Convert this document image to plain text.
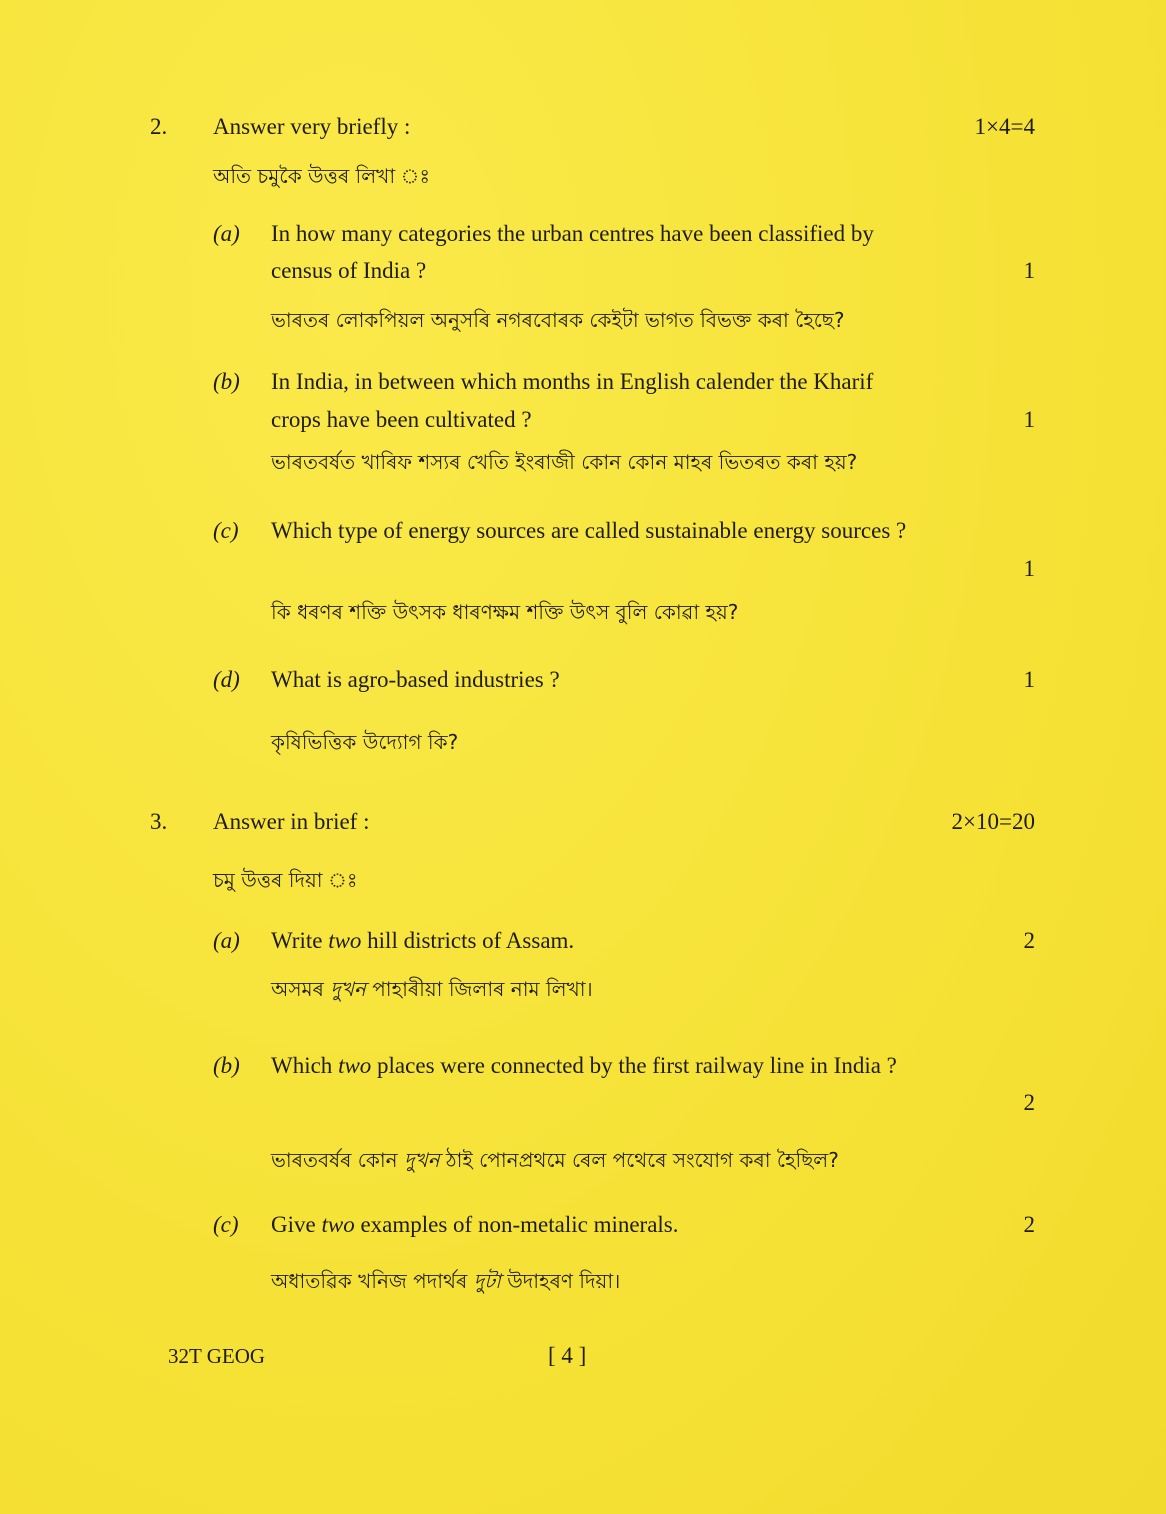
2. Answer very briefly :	1×4=4
অতি চমুকৈ উত্তৰ লিখা ঃ
(a) In how many categories the urban centres have been classified by
census of India ?	1
ভাৰতৰ লোকপিয়ল অনুসৰি নগৰবোৰক কেইটা ভাগত বিভক্ত কৰা হৈছে?
(b) In India, in between which months in English calender the Kharif
crops have been cultivated ?	1
ভাৰতবৰ্ষত খাৰিফ শস্যৰ খেতি ইংৰাজী কোন কোন মাহৰ ভিতৰত কৰা হয়?
(c) Which type of energy sources are called sustainable energy sources ?
1
কি ধৰণৰ শক্তি উৎসক ধাৰণক্ষম শক্তি উৎস বুলি কোৱা হয়?
(d) What is agro-based industries ?	1
কৃষিভিত্তিক উদ্যোগ কি?
3. Answer in brief :	2×10=20
চমু উত্তৰ দিয়া ঃ
(a) Write two hill districts of Assam.	2
অসমৰ দুখন পাহাৰীয়া জিলাৰ নাম লিখা।
(b) Which two places were connected by the first railway line in India ?
2
ভাৰতবৰ্ষৰ কোন দুখন ঠাই পোনপ্ৰথমে ৰেল পথেৰে সংযোগ কৰা হৈছিল?
(c) Give two examples of non-metalic minerals.	2
অধাতৱিক খনিজ পদাৰ্থৰ দুটা উদাহৰণ দিয়া।
32T GEOG	[ 4 ]
